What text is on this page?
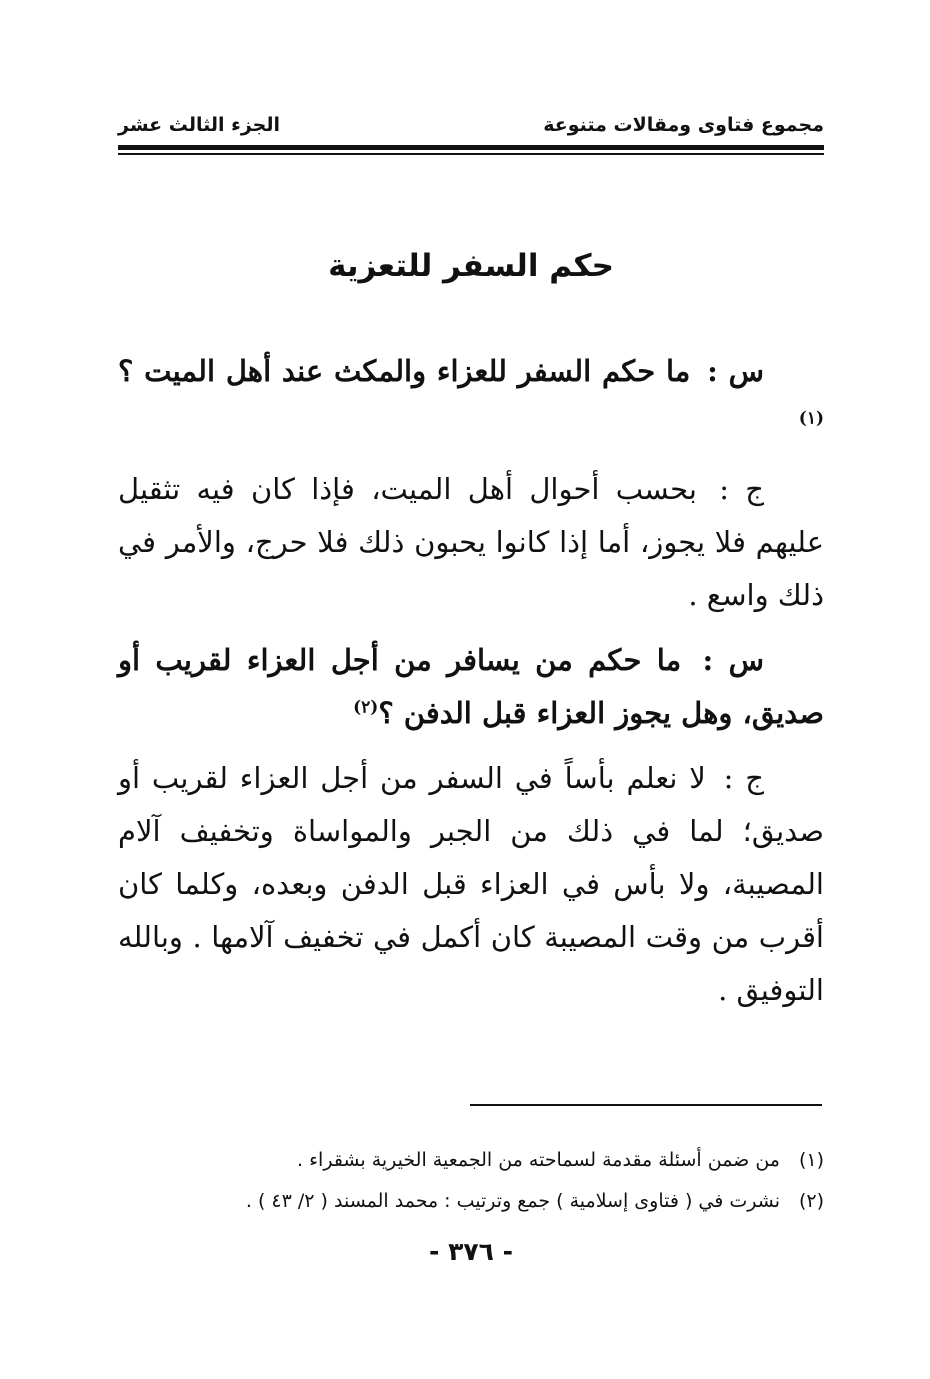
مجموع فتاوى ومقالات متنوعة
الجزء الثالث عشر
حكم السفر للتعزية

س : ما حكم السفر للعزاء والمكث عند أهل الميت ؟$^{(١)}$

ج : بحسب أحوال أهل الميت، فإذا كان فيه تثقيل عليهم فلا يجوز، أما إذا كانوا يحبون ذلك فلا حرج، والأمر في ذلك واسع .

س : ما حكم من يسافر من أجل العزاء لقريب أو صديق، وهل يجوز العزاء قبل الدفن ؟$^{(٢)}$

ج : لا نعلم بأساً في السفر من أجل العزاء لقريب أو صديق؛ لما في ذلك من الجبر والمواساة وتخفيف آلام المصيبة، ولا بأس في العزاء قبل الدفن وبعده، وكلما كان أقرب من وقت المصيبة كان أكمل في تخفيف آلامها . وبالله التوفيق .

(١)من ضمن أسئلة مقدمة لسماحته من الجمعية الخيرية بشقراء .
(٢)نشرت في ( فتاوى إسلامية ) جمع وترتيب : محمد المسند ( ٢/ ٤٣ ) .
- ٣٧٦ -
